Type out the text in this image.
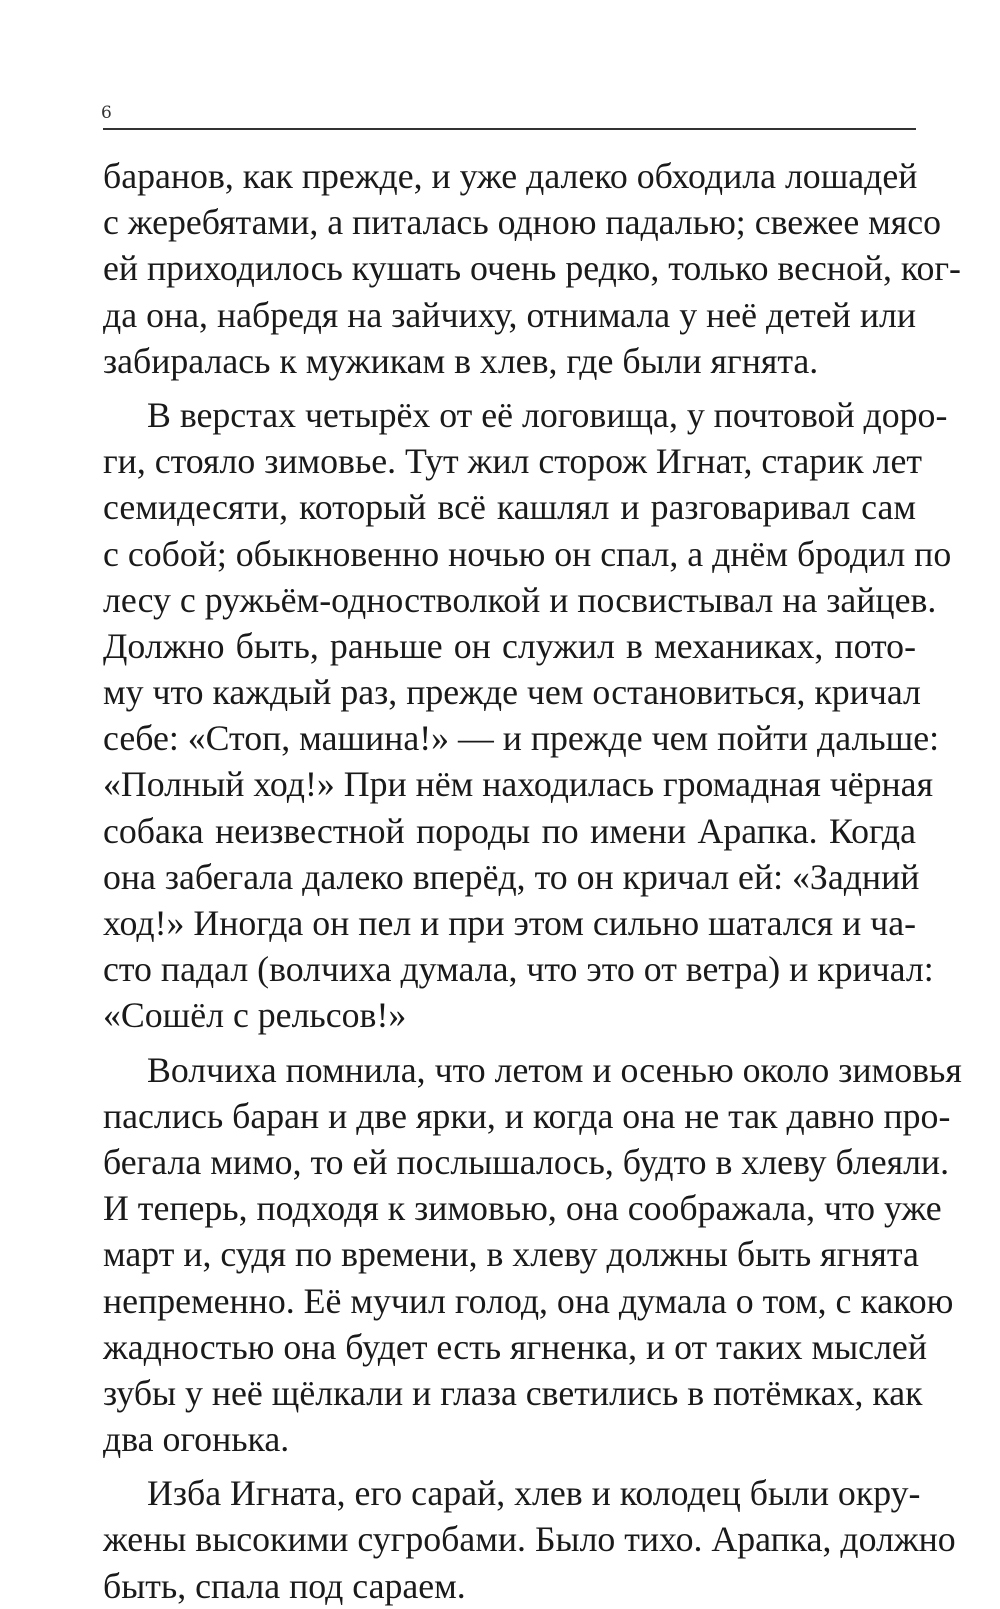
6
баранов, как прежде, и уже далеко обходила лошадей
с жеребятами, а питалась одною падалью; свежее мясо
ей приходилось кушать очень редко, только весной, ког-
да она, набредя на зайчиху, отнимала у неё детей или
забиралась к мужикам в хлев, где были ягнята.
В верстах четырёх от её логовища, у почтовой доро-
ги, стояло зимовье. Тут жил сторож Игнат, старик лет
семидесяти, который всё кашлял и разговаривал сам
с собой; обыкновенно ночью он спал, а днём бродил по
лесу с ружьём-одностволкой и посвистывал на зайцев.
Должно быть, раньше он служил в механиках, пото-
му что каждый раз, прежде чем остановиться, кричал
себе: «Стоп, машина!» — и прежде чем пойти дальше:
«Полный ход!» При нём находилась громадная чёрная
собака неизвестной породы по имени Арапка. Когда
она забегала далеко вперёд, то он кричал ей: «Задний
ход!» Иногда он пел и при этом сильно шатался и ча-
сто падал (волчиха думала, что это от ветра) и кричал:
«Сошёл с рельсов!»
Волчиха помнила, что летом и осенью около зимовья
паслись баран и две ярки, и когда она не так давно про-
бегала мимо, то ей послышалось, будто в хлеву блеяли.
И теперь, подходя к зимовью, она соображала, что уже
март и, судя по времени, в хлеву должны быть ягнята
непременно. Её мучил голод, она думала о том, с какою
жадностью она будет есть ягненка, и от таких мыслей
зубы у неё щёлкали и глаза светились в потёмках, как
два огонька.
Изба Игната, его сарай, хлев и колодец были окру-
жены высокими сугробами. Было тихо. Арапка, должно
быть, спала под сараем.
